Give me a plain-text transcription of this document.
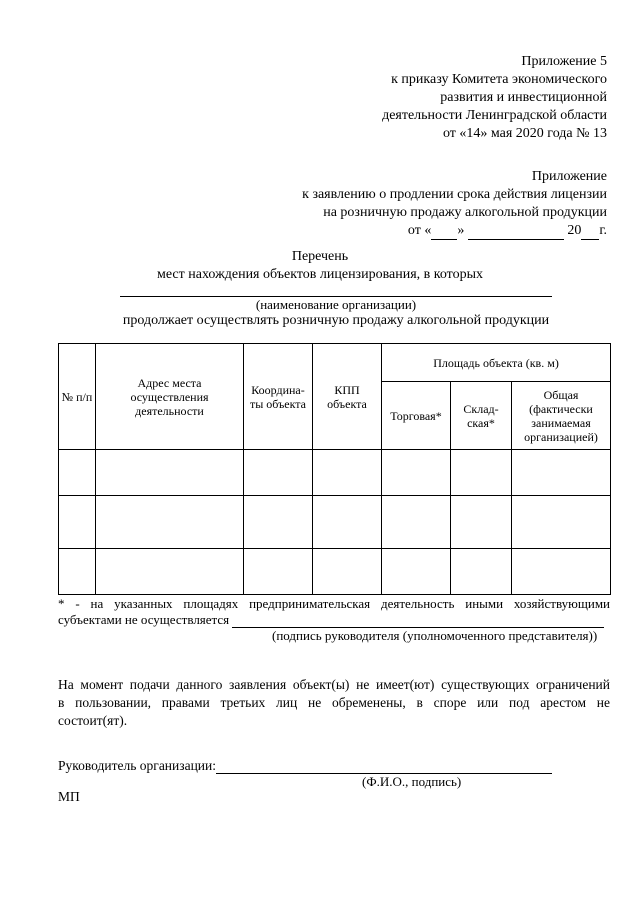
Приложение 5
к приказу Комитета экономического
развития и инвестиционной
деятельности Ленинградской области
от «14» мая 2020 года № 13
Приложение
к заявлению о продлении срока действия лицензии
на розничную продажу алкогольной продукции
от « »	20 г.
Перечень
мест нахождения объектов лицензирования, в которых
(наименование организации)
продолжает осуществлять розничную продажу алкогольной продукции
№ п/п	Адрес места осуществления деятельности	Координа-ты объекта	КПП объекта	Площадь объекта (кв. м)		
				Торговая*	Склад-ская*	Общая (фактически занимаемая организацией)

* - на указанных площадях предпринимательская деятельность иными хозяйствующими
субъектами не осуществляется
(подпись руководителя (уполномоченного представителя))
На момент подачи данного заявления объект(ы) не имеет(ют) существующих ограничений
в пользовании, правами третьих лиц не обременены, в споре или под арестом не
состоит(ят).
Руководитель организации:
(Ф.И.О., подпись)
МП
